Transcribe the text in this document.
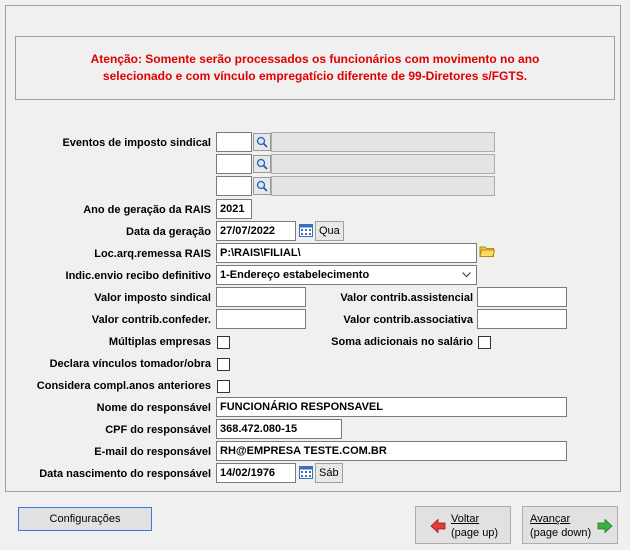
Atenção: Somente serão processados os funcionários com movimento no ano
selecionado e com vínculo empregatício diferente de 99-Diretores s/FGTS.
Eventos de imposto sindical
Ano de geração da RAIS 2021
Data da geração 27/07/2022	Qua
Loc.arq.remessa RAIS P:\RAIS\FILIAL\
Indic.envio recibo definitivo 1-Endereço estabelecimento
Valor imposto sindical	Valor contrib.assistencial
Valor contrib.confeder.	Valor contrib.associativa
Múltiplas empresas	Soma adicionais no salário
Declara vínculos tomador/obra
Considera compl.anos anteriores
Nome do responsável FUNCIONÁRIO RESPONSAVEL
CPF do responsável 368.472.080-15
E-mail do responsável RH@EMPRESA TESTE.COM.BR
Data nascimento do responsável 14/02/1976	Sáb
Configurações	Voltar
(page up)
Avançar
(page down)
